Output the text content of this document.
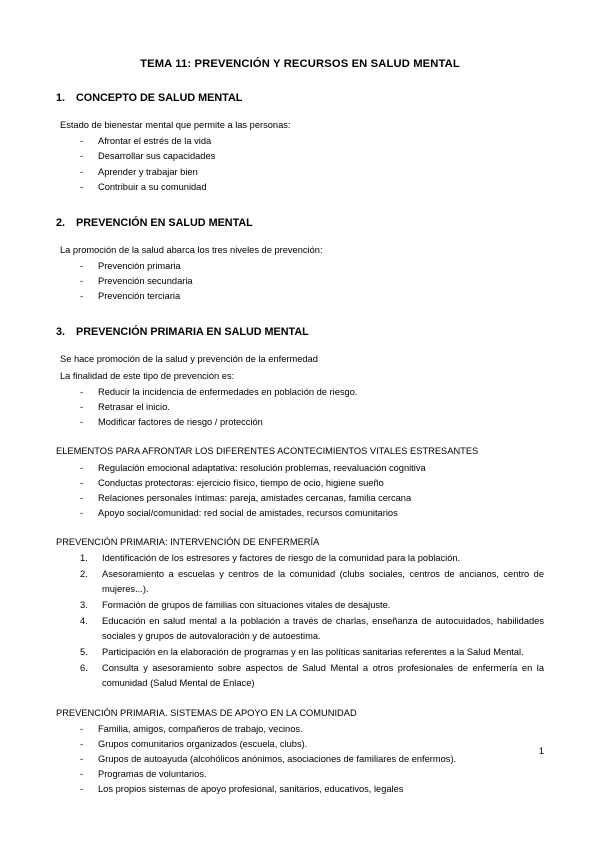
TEMA 11: PREVENCIÓN Y RECURSOS EN SALUD MENTAL
1.	CONCEPTO DE SALUD MENTAL

Estado de bienestar mental que permite a las personas:

- Afrontar el estrés de la vida
- Desarrollar sus capacidades
- Aprender y trabajar bien
- Contribuir a su comunidad
2.	PREVENCIÓN EN SALUD MENTAL

La promoción de la salud abarca los tres niveles de prevención:

- Prevención primaria
- Prevención secundaria
- Prevención terciaria
3.	PREVENCIÓN PRIMARIA EN SALUD MENTAL

Se hace promoción de la salud y prevención de la enfermedad

La finalidad de este tipo de prevención es:

- Reducir la incidencia de enfermedades en población de riesgo.
- Retrasar el inicio.
- Modificar factores de riesgo / protección

ELEMENTOS PARA AFRONTAR LOS DIFERENTES ACONTECIMIENTOS VITALES ESTRESANTES

- Regulación emocional adaptativa: resolución problemas, reevaluación cognitiva
- Conductas protectoras: ejercicio físico, tiempo de ocio, higiene sueño
- Relaciones personales íntimas: pareja, amistades cercanas, familia cercana
- Apoyo social/comunidad: red social de amistades, recursos comunitarios

PREVENCIÓN PRIMARIA: INTERVENCIÓN DE ENFERMERÍA

Identificación de los estresores y factores de riesgo de la comunidad para la población.
Asesoramiento a escuelas y centros de la comunidad (clubs sociales, centros de ancianos, centro de mujeres...).
Formación de grupos de familias con situaciones vitales de desajuste.
Educación en salud mental a la población a través de charlas, enseñanza de autocuidados, habilidades sociales y grupos de autovaloración y de autoestima.
Participación en la elaboración de programas y en las políticas sanitarias referentes a la Salud Mental.
Consulta y asesoramiento sobre aspectos de Salud Mental a otros profesionales de enfermería en la comunidad (Salud Mental de Enlace)

PREVENCIÓN PRIMARIA. SISTEMAS DE APOYO EN LA COMUNIDAD

- Familia, amigos, compañeros de trabajo, vecinos.
- Grupos comunitarios organizados (escuela, clubs).
- Grupos de autoayuda (alcohólicos anónimos, asociaciones de familiares de enfermos).
- Programas de voluntarios.
- Los propios sistemas de apoyo profesional, sanitarios, educativos, legales
1
